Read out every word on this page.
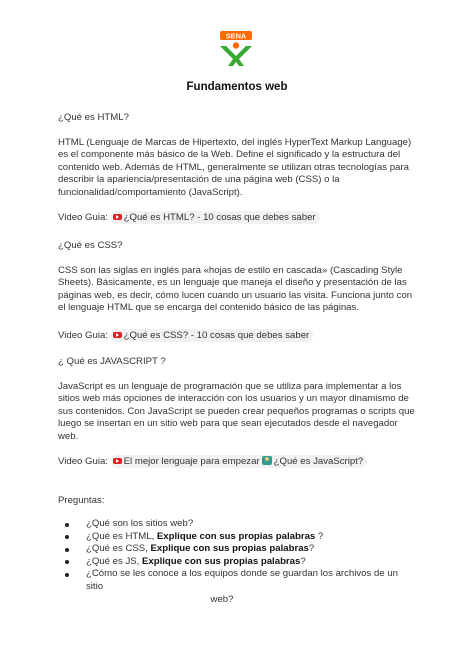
SENA
Fundamentos web
¿Qué es HTML?
HTML (Lenguaje de Marcas de Hipertexto, del inglés HyperText Markup Language) es el componente más básico de la Web. Define el significado y la estructura del contenido web. Además de HTML, generalmente se utilizan otras tecnologías para describir la apariencia/presentación de una página web (CSS) o la funcionalidad/comportamiento (JavaScript).
Video Guia: ¿Qué es HTML? - 10 cosas que debes saber
¿Qué es CSS?
CSS son las siglas en inglés para «hojas de estilo en cascada» (Cascading Style Sheets). Básicamente, es un lenguaje que maneja el diseño y presentación de las páginas web, es decir, cómo lucen cuando un usuario las visita. Funciona junto con el lenguaje HTML que se encarga del contenido básico de las páginas.
Video Guia: ¿Qué es CSS? - 10 cosas que debes saber
¿ Qué es JAVASCRIPT ?
JavaScript es un lenguaje de programación que se utiliza para implementar a los sitios web más opciones de interacción con los usuarios y un mayor dinamismo de sus contenidos. Con JavaScript se pueden crear pequeños programas o scripts que luego se insertan en un sitio web para que sean ejecutados desde el navegador web.
Video Guia: El mejor lenguaje para empezar ¿Qué es JavaScript?
Preguntas:
¿Qué son los sitios web?
¿Qué es HTML, Explique con sus propias palabras ?
¿Qué es CSS, Explique con sus propias palabras?
¿Qué es JS, Explique con sus propias palabras?
¿Cómo se les conoce a los equipos donde se guardan los archivos de un sitio
web?
